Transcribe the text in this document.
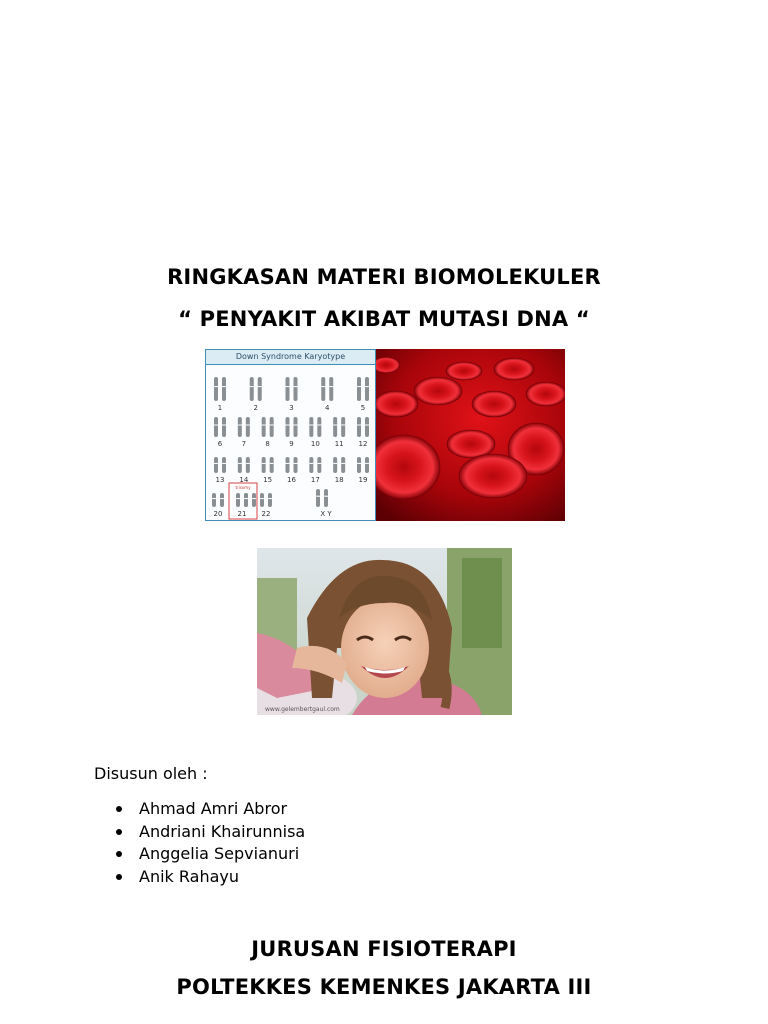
RINGKASAN MATERI BIOMOLEKULER
“ PENYAKIT AKIBAT MUTASI DNA “
Down Syndrome Karyotype
1	2	3	4	5
6	7	8	9 10 11 12
13 14 15 16 17 18 19
20
trisomy
21 22	X Y
www.gelembertgaul.com
Disusun oleh :
Ahmad Amri Abror
Andriani Khairunnisa
Anggelia Sepvianuri
Anik Rahayu
JURUSAN FISIOTERAPI
POLTEKKES KEMENKES JAKARTA III
